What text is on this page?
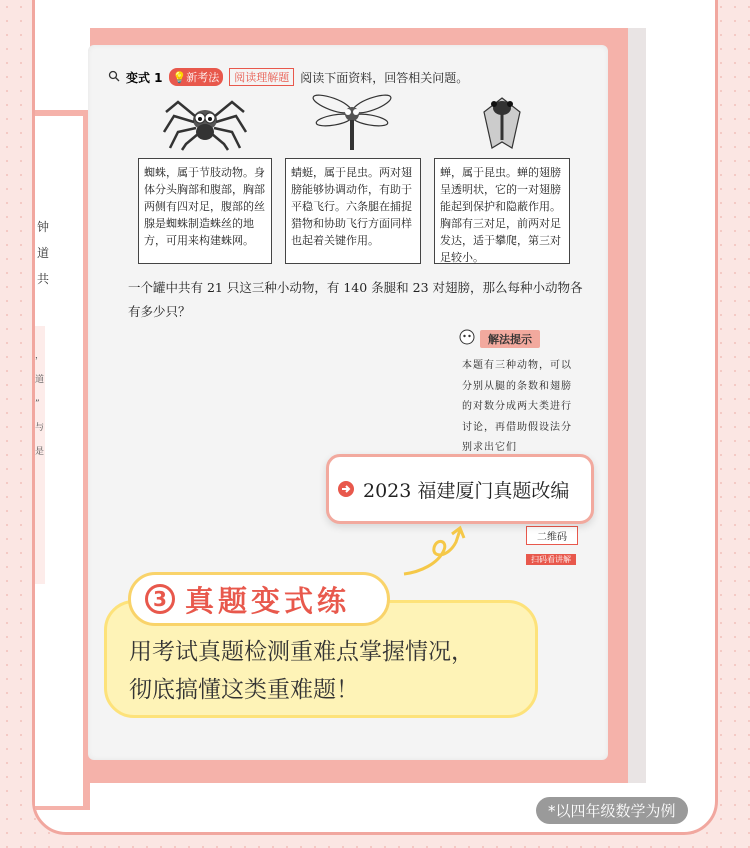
钟
道
共
，
道
”
与
是
变式 1 💡新考法	阅读理解题 阅读下面资料，回答相关问题。
蜘蛛，属于节肢动物。身体分头胸部和腹部，胸部两侧有四对足，腹部的丝腺是蜘蛛制造蛛丝的地方，可用来构建蛛网。
蜻蜓，属于昆虫。两对翅膀能够协调动作，有助于平稳飞行。六条腿在捕捉猎物和协助飞行方面同样也起着关键作用。
蝉，属于昆虫。蝉的翅膀呈透明状，它的一对翅膀能起到保护和隐蔽作用。胸部有三对足，前两对足发达，适于攀爬，第三对足较小。
一个罐中共有 21 只这三种小动物，有 140 条腿和 23 对翅膀，那么每种小动物各有多少只？
解法提示
本题有三种动物，可以分别从腿的条数和翅膀的对数分成两大类进行讨论，再借助假设法分别求出它们
二维码
扫码看讲解
2023 福建厦门真题改编
3 真题变式练
用考试真题检测重难点掌握情况，
彻底搞懂这类重难题！
*以四年级数学为例
